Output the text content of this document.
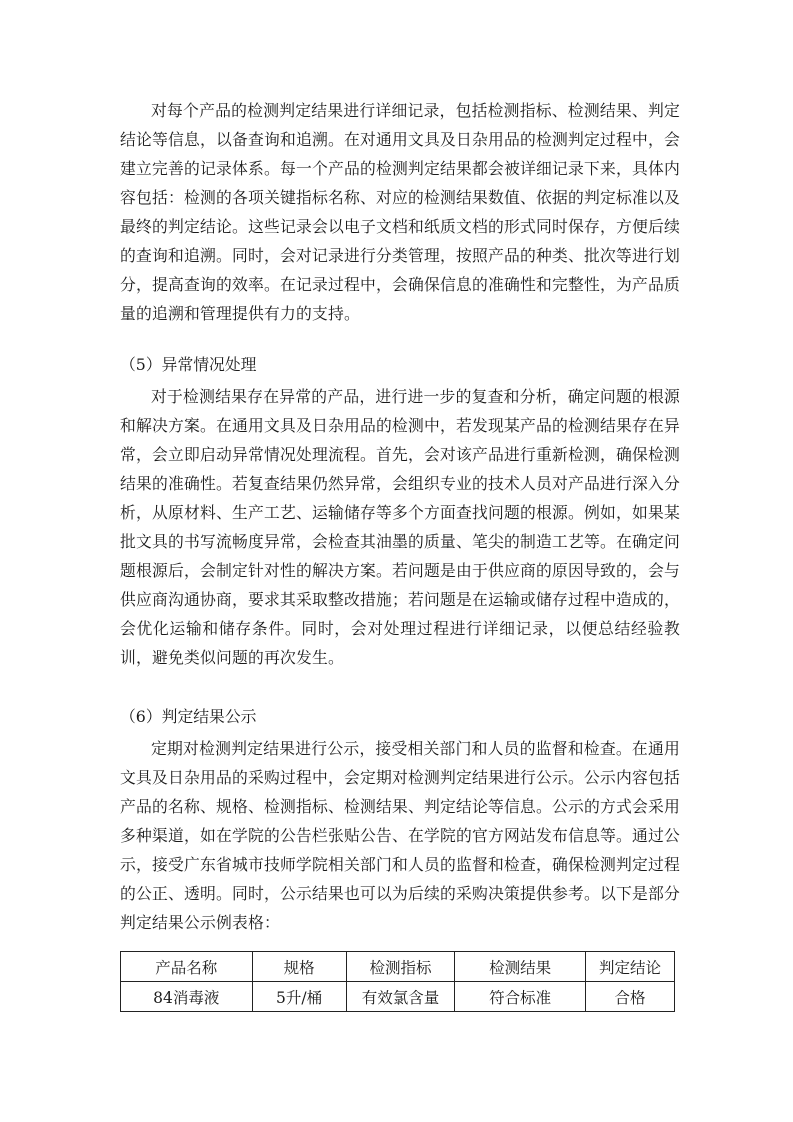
对每个产品的检测判定结果进行详细记录，包括检测指标、检测结果、判定结论等信息，以备查询和追溯。在对通用文具及日杂用品的检测判定过程中，会建立完善的记录体系。每一个产品的检测判定结果都会被详细记录下来，具体内容包括：检测的各项关键指标名称、对应的检测结果数值、依据的判定标准以及最终的判定结论。这些记录会以电子文档和纸质文档的形式同时保存，方便后续的查询和追溯。同时，会对记录进行分类管理，按照产品的种类、批次等进行划分，提高查询的效率。在记录过程中，会确保信息的准确性和完整性，为产品质量的追溯和管理提供有力的支持。

（5）异常情况处理

对于检测结果存在异常的产品，进行进一步的复查和分析，确定问题的根源和解决方案。在通用文具及日杂用品的检测中，若发现某产品的检测结果存在异常，会立即启动异常情况处理流程。首先，会对该产品进行重新检测，确保检测结果的准确性。若复查结果仍然异常，会组织专业的技术人员对产品进行深入分析，从原材料、生产工艺、运输储存等多个方面查找问题的根源。例如，如果某批文具的书写流畅度异常，会检查其油墨的质量、笔尖的制造工艺等。在确定问题根源后，会制定针对性的解决方案。若问题是由于供应商的原因导致的，会与供应商沟通协商，要求其采取整改措施；若问题是在运输或储存过程中造成的，会优化运输和储存条件。同时，会对处理过程进行详细记录，以便总结经验教训，避免类似问题的再次发生。

（6）判定结果公示

定期对检测判定结果进行公示，接受相关部门和人员的监督和检查。在通用文具及日杂用品的采购过程中，会定期对检测判定结果进行公示。公示内容包括产品的名称、规格、检测指标、检测结果、判定结论等信息。公示的方式会采用多种渠道，如在学院的公告栏张贴公告、在学院的官方网站发布信息等。通过公示，接受广东省城市技师学院相关部门和人员的监督和检查，确保检测判定过程的公正、透明。同时，公示结果也可以为后续的采购决策提供参考。以下是部分判定结果公示例表格：

产品名称	规格	检测指标	检测结果	判定结论
84消毒液	5升/桶	有效氯含量	符合标准	合格
